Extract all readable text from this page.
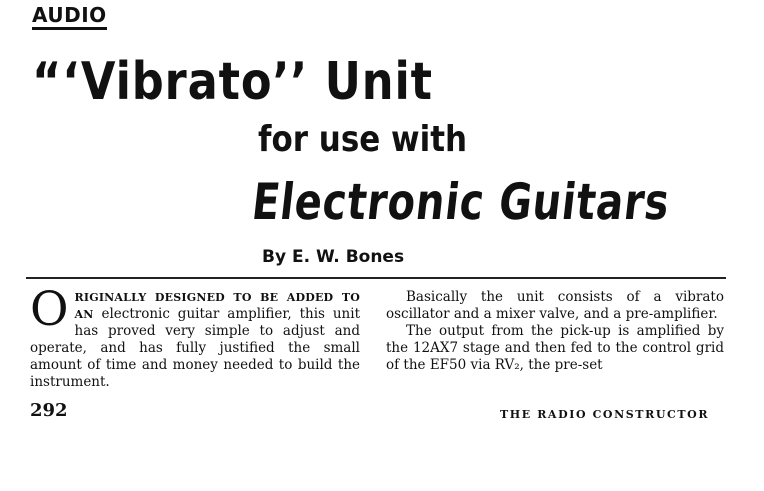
AUDIO
“‘Vibrato’’ Unit
for use with
Electronic Guitars
By E. W. Bones

ORIGINALLY DESIGNED TO BE ADDED TO AN electronic guitar amplifier, this unit has proved very simple to adjust and operate, and has fully justified the small amount of time and money needed to build the instrument.

Basically the unit consists of a vibrato oscillator and a mixer valve, and a pre-amplifier.

The output from the pick-up is amplified by the 12AX7 stage and then fed to the control grid of the EF50 via RV₂, the pre-set

292	THE RADIO CONSTRUCTOR
